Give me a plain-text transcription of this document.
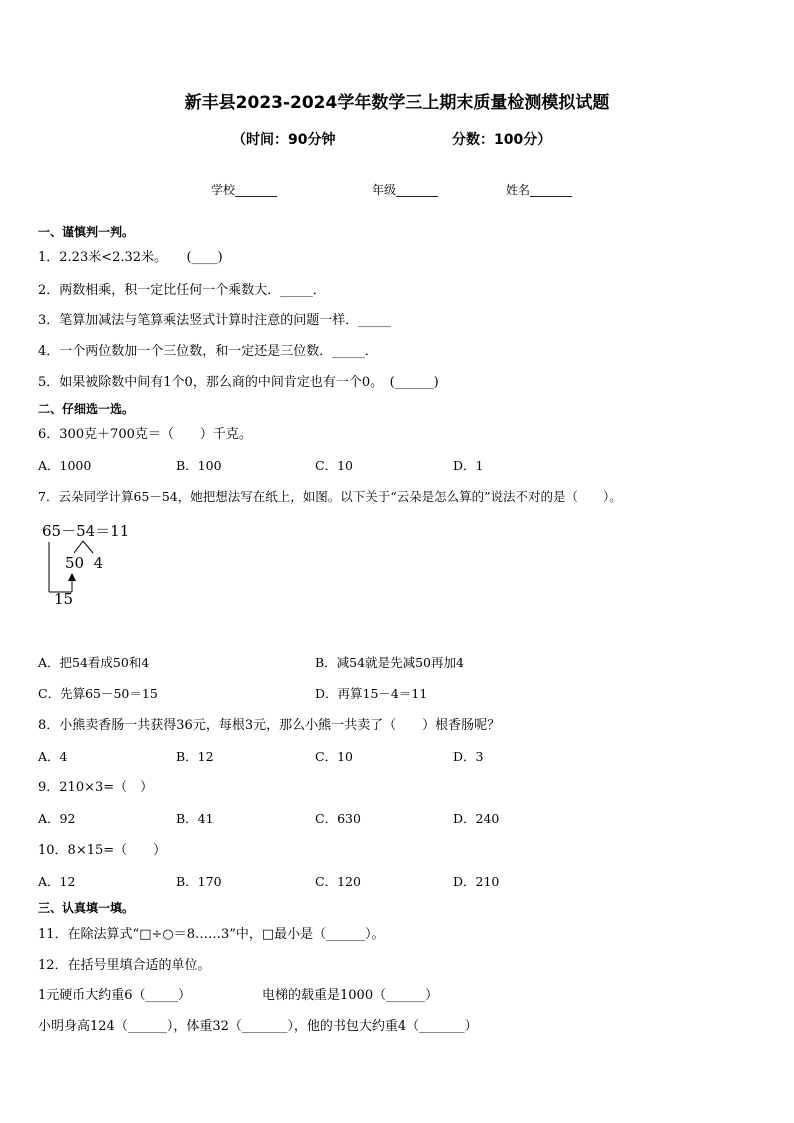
新丰县2023-2024学年数学三上期末质量检测模拟试题
（时间：90分钟	分数：100分）
学校_______	年级_______	姓名_______
一、谨慎判一判。
1．2.23米<2.32米。　　(____)
2．两数相乘，积一定比任何一个乘数大．_____．
3．笔算加减法与笔算乘法竖式计算时注意的问题一样．_____
4．一个两位数加一个三位数，和一定还是三位数．_____．
5．如果被除数中间有1个0，那么商的中间肯定也有一个0。　(______)
二、仔细选一选。
6．300克＋700克＝（　　）千克。
A．1000	B．100	C．10	D．1
7．云朵同学计算65－54，她把想法写在纸上，如图。以下关于“云朵是怎么算的”说法不对的是（　　）。
65－54＝11
50  4
15
A．把54看成50和4	B．减54就是先减50再加4
C．先算65－50＝15	D．再算15－4＝11
8．小熊卖香肠一共获得36元，每根3元，那么小熊一共卖了（　　）根香肠呢？
A．4	B．12	C．10	D．3
9．210×3=（　）
A．92	B．41	C．630	D．240
10．8×15=（　　）
A．12	B．170	C．120	D．210
三、认真填一填。
11．在除法算式“□÷○＝8……3”中，□最小是（______）。
12．在括号里填合适的单位。
1元硬币大约重6（_____）	电梯的载重是1000（______）
小明身高124（______），体重32（_______），他的书包大约重4（_______）
